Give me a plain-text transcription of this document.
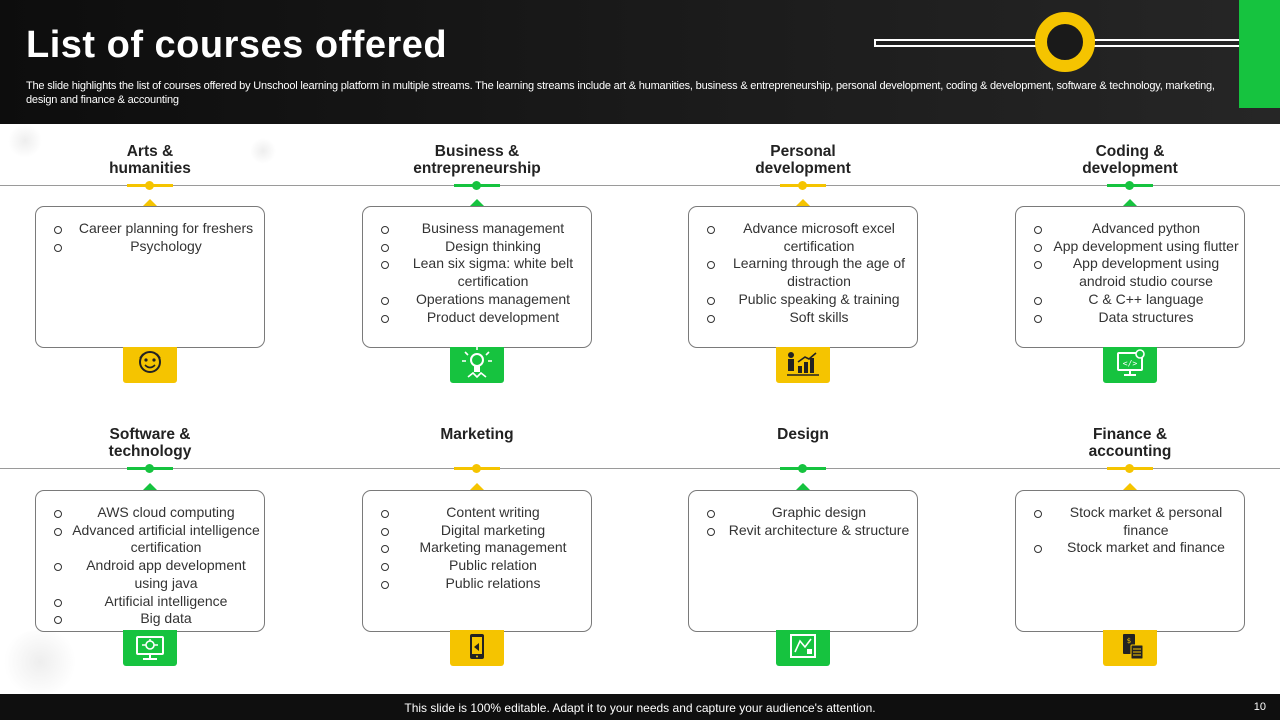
List of courses offered
The slide highlights the list of courses offered by Unschool learning platform in multiple streams. The learning streams include art & humanities, business & entrepreneurship, personal development, coding & development, software & technology, marketing, design and finance & accounting
Arts &
humanities
Career planning for freshers
Psychology
Business &
entrepreneurship
Business management
Design thinking
Lean six sigma: white belt certification
Operations management
Product development
Personal
development
Advance microsoft excel certification
Learning through the age of distraction
Public speaking & training
Soft skills
Coding &
development
Advanced python
App development using flutter
App development using android studio course
C & C++ language
Data structures
</>
Software &
technology
AWS cloud computing
Advanced artificial intelligence certification
Android app development using java
Artificial intelligence
Big data
Marketing
Content writing
Digital marketing
Marketing management
Public relation
Public relations
Design
Graphic design
Revit architecture & structure
Finance &
accounting
Stock market & personal finance
Stock market and finance
$
This slide is 100% editable. Adapt it to your needs and capture your audience's attention.	10
